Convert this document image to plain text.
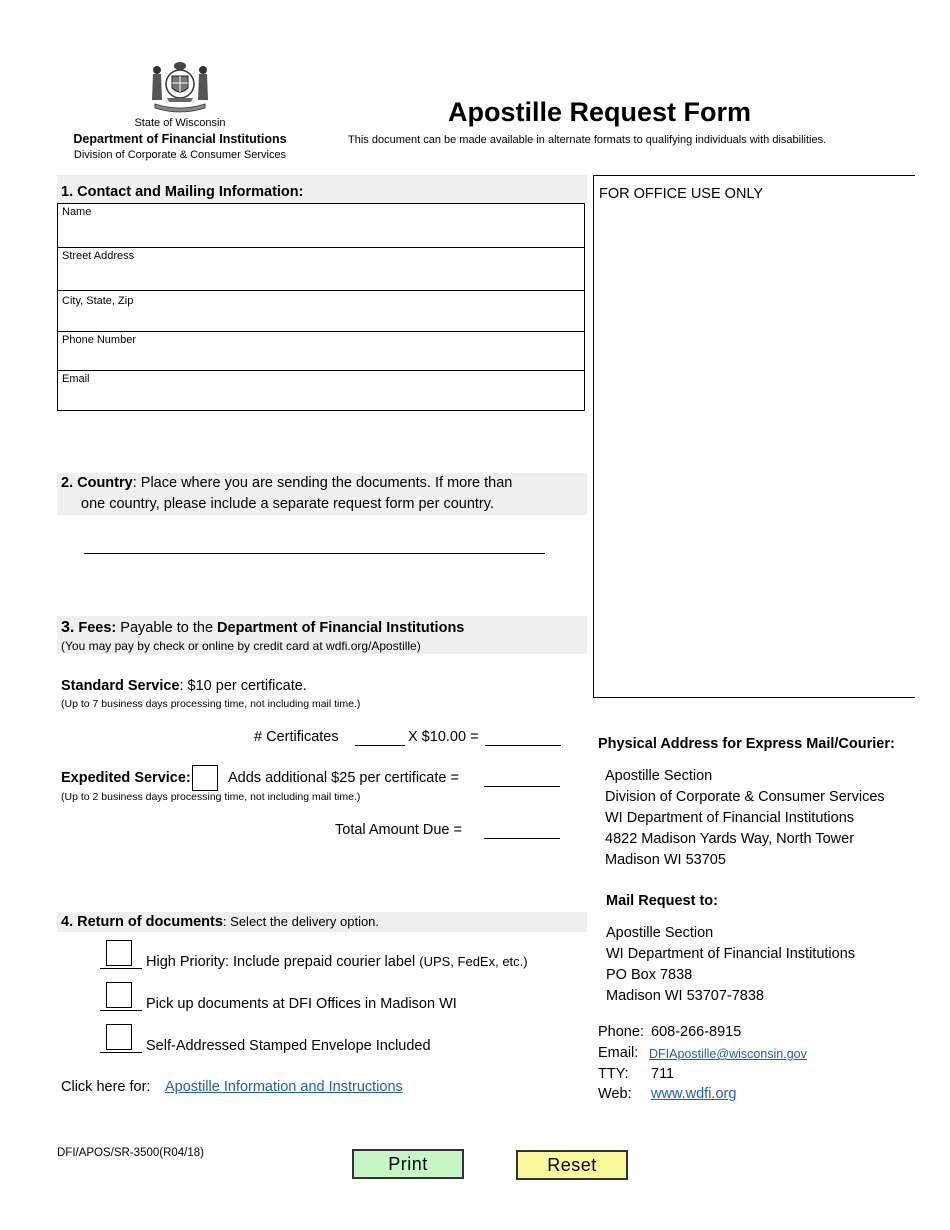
State of Wisconsin
Department of Financial Institutions
Division of Corporate & Consumer Services
Apostille Request Form
This document can be made available in alternate formats to qualifying individuals with disabilities.
FOR OFFICE USE ONLY
1. Contact and Mailing Information:
Name
Street Address
City, State, Zip
Phone Number
Email
2. Country: Place where you are sending the documents. If more than
one country, please include a separate request form per country.
3. Fees: Payable to the Department of Financial Institutions
(You may pay by check or online by credit card at wdfi.org/Apostille)
Standard Service: $10 per certificate.
(Up to 7 business days processing time, not including mail time.)
# Certificates	X $10.00 =
Expedited Service:	Adds additional $25 per certificate =
(Up to 2 business days processing time, not including mail time.)
Total Amount Due =
4. Return of documents: Select the delivery option.
High Priority: Include prepaid courier label (UPS, FedEx, etc.)
Pick up documents at DFI Offices in Madison WI
Self-Addressed Stamped Envelope Included
Click here for: Apostille Information and Instructions
Physical Address for Express Mail/Courier:
Apostille Section
Division of Corporate & Consumer Services
WI Department of Financial Institutions
4822 Madison Yards Way, North Tower
Madison WI 53705
Mail Request to:
Apostille Section
WI Department of Financial Institutions
PO Box 7838
Madison WI 53707-7838
Phone: 608-266-8915
Email: DFIApostille@wisconsin.gov
TTY: 711
Web: www.wdfi.org
DFI/APOS/SR-3500(R04/18)
Print	Reset
